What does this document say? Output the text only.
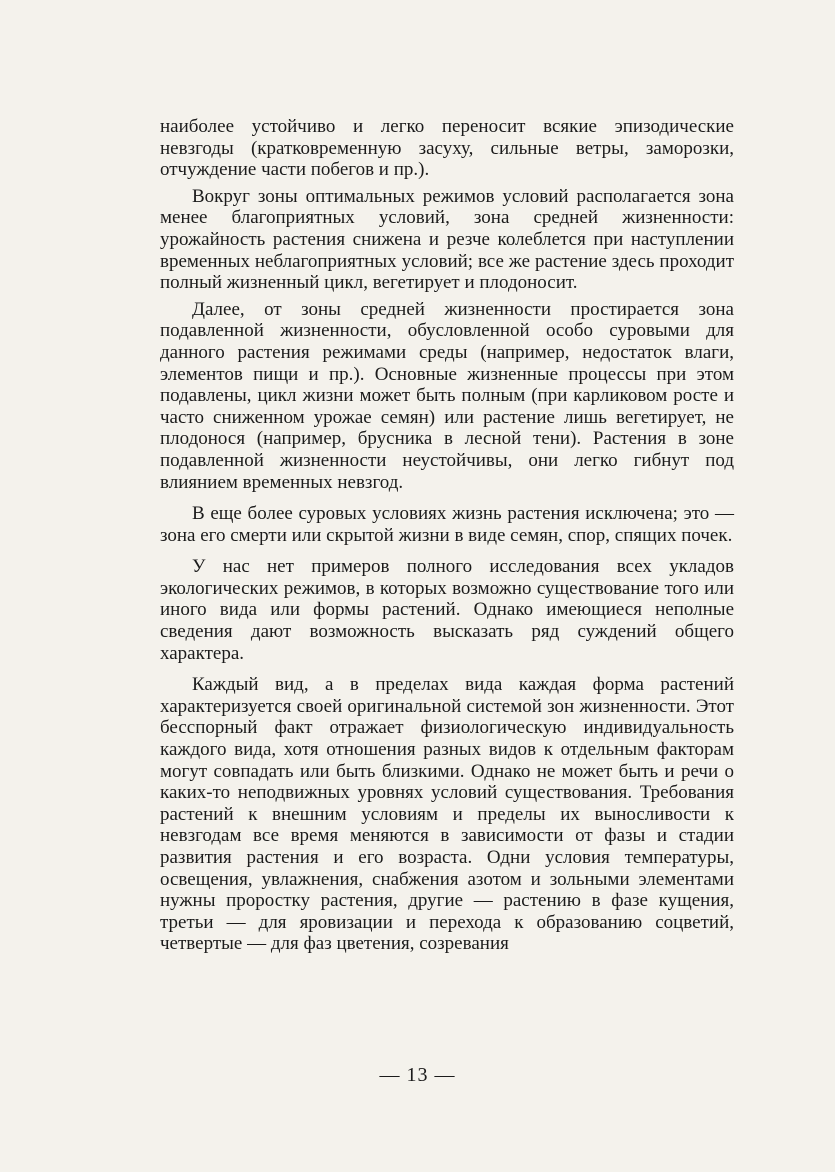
наиболее устойчиво и легко переносит всякие эпизодические невзгоды (кратковременную засуху, сильные ветры, заморозки, отчуждение части побегов и пр.).

Вокруг зоны оптимальных режимов условий располагается зона менее благоприятных условий, зона средней жизненности: урожайность растения снижена и резче колеблется при наступлении временных неблагоприятных условий; все же растение здесь проходит полный жизненный цикл, вегетирует и плодоносит.

Далее, от зоны средней жизненности простирается зона подавленной жизненности, обусловленной особо суровыми для данного растения режимами среды (например, недостаток влаги, элементов пищи и пр.). Основные жизненные процессы при этом подавлены, цикл жизни может быть полным (при карликовом росте и часто сниженном урожае семян) или растение лишь вегетирует, не плодонося (например, брусника в лесной тени). Растения в зоне подавленной жизненности неустойчивы, они легко гибнут под влиянием временных невзгод.

В еще более суровых условиях жизнь растения исключена; это — зона его смерти или скрытой жизни в виде семян, спор, спящих почек.

У нас нет примеров полного исследования всех укладов экологических режимов, в которых возможно существование того или иного вида или формы растений. Однако имеющиеся неполные сведения дают возможность высказать ряд суждений общего характера.

Каждый вид, а в пределах вида каждая форма растений характеризуется своей оригинальной системой зон жизненности. Этот бесспорный факт отражает физиологическую индивидуальность каждого вида, хотя отношения разных видов к отдельным факторам могут совпадать или быть близкими. Однако не может быть и речи о каких-то неподвижных уровнях условий существования. Требования растений к внешним условиям и пределы их выносливости к невзгодам все время меняются в зависимости от фазы и стадии развития растения и его возраста. Одни условия температуры, освещения, увлажнения, снабжения азотом и зольными элементами нужны проростку растения, другие — растению в фазе кущения, третьи — для яровизации и перехода к образованию соцветий, четвертые — для фаз цветения, созревания

— 13 —
